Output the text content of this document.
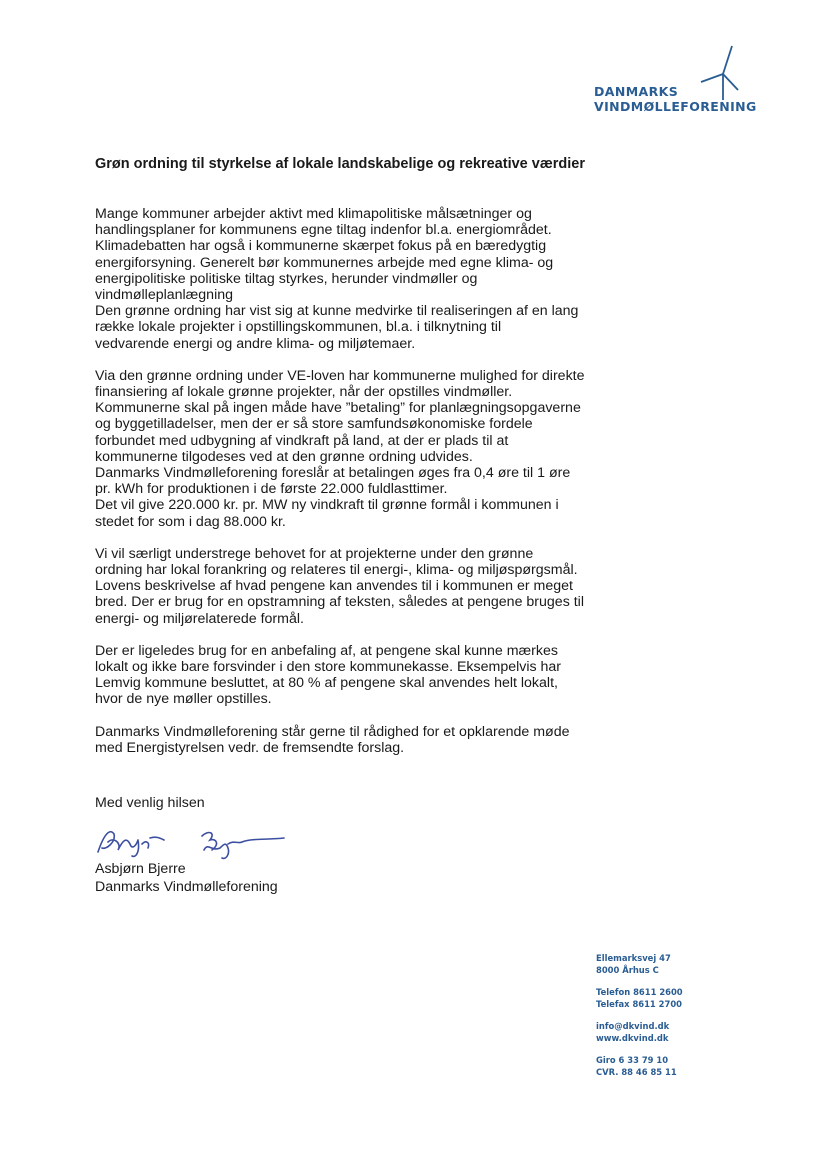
DANMARKS
VINDMØLLEFORENING
Grøn ordning til styrkelse af lokale landskabelige og rekreative værdier

Mange kommuner arbejder aktivt med klimapolitiske målsætninger og
handlingsplaner for kommunens egne tiltag indenfor bl.a. energiområdet.
Klimadebatten har også i kommunerne skærpet fokus på en bæredygtig
energiforsyning. Generelt bør kommunernes arbejde med egne klima- og
energipolitiske politiske tiltag styrkes, herunder vindmøller og
vindmølleplanlægning
Den grønne ordning har vist sig at kunne medvirke til realiseringen af en lang
række lokale projekter i opstillingskommunen, bl.a. i tilknytning til
vedvarende energi og andre klima- og miljøtemaer.

Via den grønne ordning under VE-loven har kommunerne mulighed for direkte
finansiering af lokale grønne projekter, når der opstilles vindmøller.
Kommunerne skal på ingen måde have ”betaling” for planlægningsopgaverne
og byggetilladelser, men der er så store samfundsøkonomiske fordele
forbundet med udbygning af vindkraft på land, at der er plads til at
kommunerne tilgodeses ved at den grønne ordning udvides.
Danmarks Vindmølleforening foreslår at betalingen øges fra 0,4 øre til 1 øre
pr. kWh for produktionen i de første 22.000 fuldlasttimer.
Det vil give 220.000 kr. pr. MW ny vindkraft til grønne formål i kommunen i
stedet for som i dag 88.000 kr.

Vi vil særligt understrege behovet for at projekterne under den grønne
ordning har lokal forankring og relateres til energi-, klima- og miljøspørgsmål.
Lovens beskrivelse af hvad pengene kan anvendes til i kommunen er meget
bred. Der er brug for en opstramning af teksten, således at pengene bruges til
energi- og miljørelaterede formål.

Der er ligeledes brug for en anbefaling af, at pengene skal kunne mærkes
lokalt og ikke bare forsvinder i den store kommunekasse. Eksempelvis har
Lemvig kommune besluttet, at 80 % af pengene skal anvendes helt lokalt,
hvor de nye møller opstilles.

Danmarks Vindmølleforening står gerne til rådighed for et opklarende møde
med Energistyrelsen vedr. de fremsendte forslag.

Med venlig hilsen
Asbjørn Bjerre
Danmarks Vindmølleforening
Ellemarksvej 47
8000 Århus C
Telefon 8611 2600
Telefax 8611 2700
info@dkvind.dk
www.dkvind.dk
Giro 6 33 79 10
CVR. 88 46 85 11
